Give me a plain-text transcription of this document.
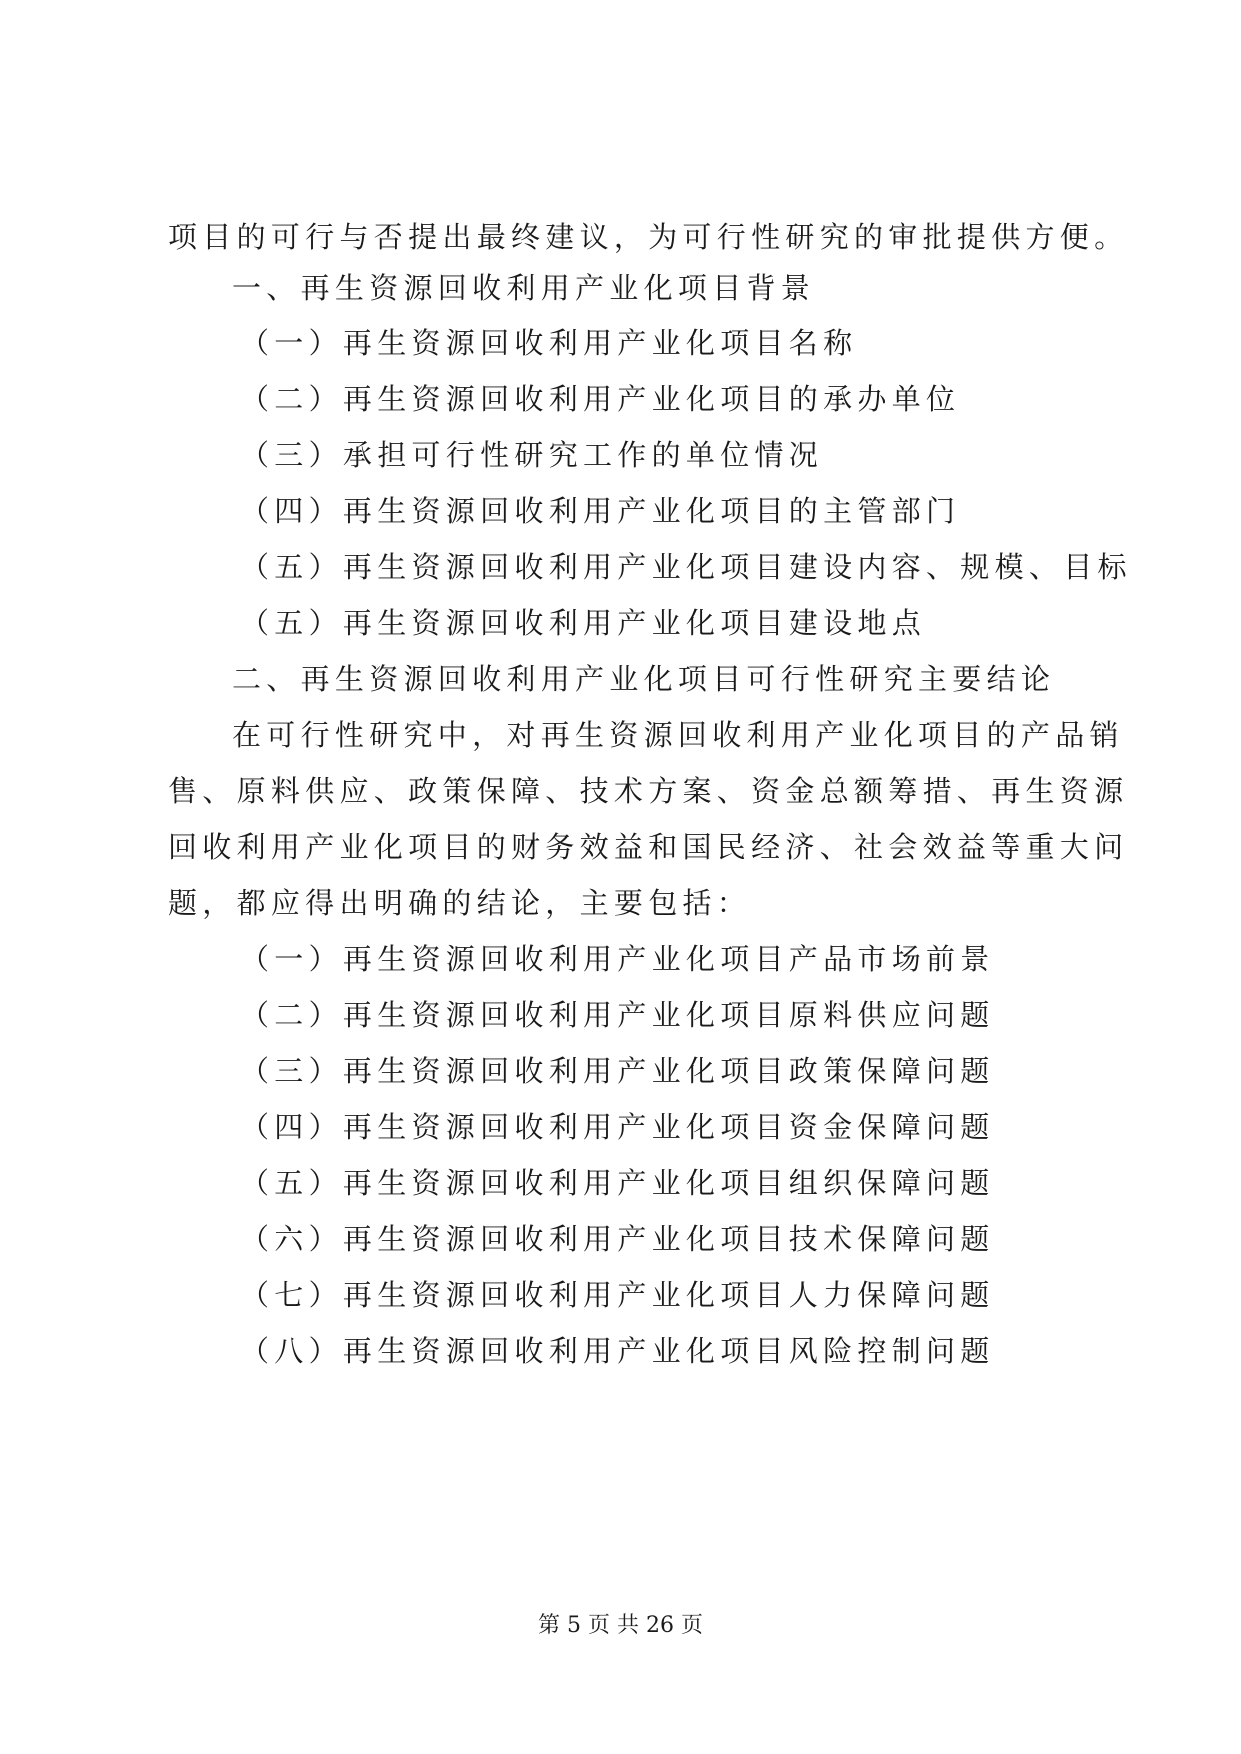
项目的可行与否提出最终建议，为可行性研究的审批提供方便。
一、再生资源回收利用产业化项目背景
（一）再生资源回收利用产业化项目名称
（二）再生资源回收利用产业化项目的承办单位
（三）承担可行性研究工作的单位情况
（四）再生资源回收利用产业化项目的主管部门
（五）再生资源回收利用产业化项目建设内容、规模、目标
（五）再生资源回收利用产业化项目建设地点
二、再生资源回收利用产业化项目可行性研究主要结论
在可行性研究中，对再生资源回收利用产业化项目的产品销
售、原料供应、政策保障、技术方案、资金总额筹措、再生资源
回收利用产业化项目的财务效益和国民经济、社会效益等重大问
题，都应得出明确的结论，主要包括：
（一）再生资源回收利用产业化项目产品市场前景
（二）再生资源回收利用产业化项目原料供应问题
（三）再生资源回收利用产业化项目政策保障问题
（四）再生资源回收利用产业化项目资金保障问题
（五）再生资源回收利用产业化项目组织保障问题
（六）再生资源回收利用产业化项目技术保障问题
（七）再生资源回收利用产业化项目人力保障问题
（八）再生资源回收利用产业化项目风险控制问题
第 5 页 共 26 页
